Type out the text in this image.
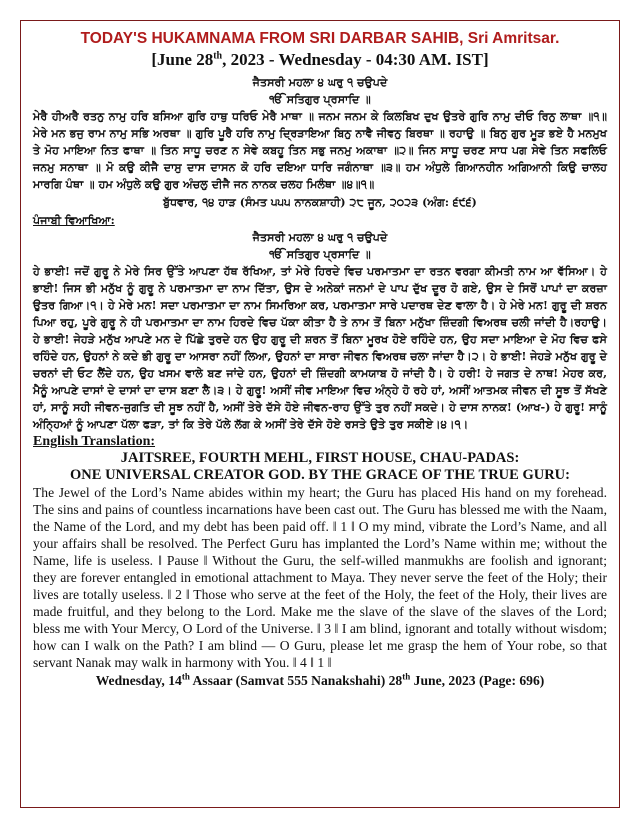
TODAY'S HUKAMNAMA FROM SRI DARBAR SAHIB, Sri Amritsar.
[June 28th, 2023 - Wednesday - 04:30 AM. IST]
ਜੈਤਸਰੀ ਮਹਲਾ ੪ ਘਰੁ ੧ ਚਉਪਦੇ
ੴ ਸਤਿਗੁਰ ਪ੍ਰਸਾਦਿ ॥
ਮੇਰੈ ਹੀਅਰੈ ਰਤਨੁ ਨਾਮੁ ਹਰਿ ਬਸਿਆ ਗੁਰਿ ਹਾਥੁ ਧਰਿਓ ਮੇਰੈ ਮਾਥਾ ॥ ਜਨਮ ਜਨਮ ਕੇ ਕਿਲਬਿਖ ਦੁਖ ਉਤਰੇ ਗੁਰਿ ਨਾਮੁ ਦੀਓ ਰਿਨੁ ਲਾਥਾ ॥੧॥ ਮੇਰੇ ਮਨ ਭਜੁ ਰਾਮ ਨਾਮੁ ਸਭਿ ਅਰਥਾ ॥ ਗੁਰਿ ਪੂਰੈ ਹਰਿ ਨਾਮੁ ਦ੍ਰਿੜਾਇਆ ਬਿਨੁ ਨਾਵੈ ਜੀਵਨੁ ਬਿਰਥਾ ॥ ਰਹਾਉ ॥ ਬਿਨੁ ਗੁਰ ਮੂੜ ਭਏ ਹੈ ਮਨਮੁਖ ਤੇ ਮੋਹ ਮਾਇਆ ਨਿਤ ਫਾਥਾ ॥ ਤਿਨ ਸਾਧੂ ਚਰਣ ਨ ਸੇਵੇ ਕਬਹੂ ਤਿਨ ਸਭੁ ਜਨਮੁ ਅਕਾਥਾ ॥੨॥ ਜਿਨ ਸਾਧੂ ਚਰਣ ਸਾਧ ਪਗ ਸੇਵੇ ਤਿਨ ਸਫਲਿਓ ਜਨਮੁ ਸਨਾਥਾ ॥ ਮੋ ਕਉ ਕੀਜੈ ਦਾਸੁ ਦਾਸ ਦਾਸਨ ਕੋ ਹਰਿ ਦਇਆ ਧਾਰਿ ਜਗੰਨਾਥਾ ॥੩॥ ਹਮ ਅੰਧੁਲੇ ਗਿਆਨਹੀਨ ਅਗਿਆਨੀ ਕਿਉ ਚਾਲਹ ਮਾਰਗਿ ਪੰਥਾ ॥ ਹਮ ਅੰਧੁਲੇ ਕਉ ਗੁਰ ਅੰਚਲੁ ਦੀਜੈ ਜਨ ਨਾਨਕ ਚਲਹ ਮਿਲੰਥਾ ॥੪॥੧॥
ਬੁੱਧਵਾਰ, ੧੪ ਹਾੜ (ਸੰਮਤ ੫੫੫ ਨਾਨਕਸ਼ਾਹੀ) ੨੮ ਜੂਨ, ੨੦੨੩ (ਅੰਗ: ੬੯੬)
ਪੰਜਾਬੀ ਵਿਆਖਿਆ:
ਜੈਤਸਰੀ ਮਹਲਾ ੪ ਘਰੁ ੧ ਚਉਪਦੇ
ੴ ਸਤਿਗੁਰ ਪ੍ਰਸਾਦਿ ॥
ਹੇ ਭਾਈ! ਜਦੋਂ ਗੁਰੂ ਨੇ ਮੇਰੇ ਸਿਰ ਉੱਤੇ ਆਪਣਾ ਹੱਥ ਰੱਖਿਆ, ਤਾਂ ਮੇਰੇ ਹਿਰਦੇ ਵਿਚ ਪਰਮਾਤਮਾ ਦਾ ਰਤਨ ਵਰਗਾ ਕੀਮਤੀ ਨਾਮ ਆ ਵੱਸਿਆ। ਹੇ ਭਾਈ! ਜਿਸ ਭੀ ਮਨੁੱਖ ਨੂੰ ਗੁਰੂ ਨੇ ਪਰਮਾਤਮਾ ਦਾ ਨਾਮ ਦਿੱਤਾ, ਉਸ ਦੇ ਅਨੇਕਾਂ ਜਨਮਾਂ ਦੇ ਪਾਪ ਦੁੱਖ ਦੂਰ ਹੋ ਗਏ, ਉਸ ਦੇ ਸਿਰੋਂ ਪਾਪਾਂ ਦਾ ਕਰਜ਼ਾ ਉਤਰ ਗਿਆ।੧। ਹੇ ਮੇਰੇ ਮਨ! ਸਦਾ ਪਰਮਾਤਮਾ ਦਾ ਨਾਮ ਸਿਮਰਿਆ ਕਰ, ਪਰਮਾਤਮਾ ਸਾਰੇ ਪਦਾਰਥ ਦੇਣ ਵਾਲਾ ਹੈ। ਹੇ ਮੇਰੇ ਮਨ! ਗੁਰੂ ਦੀ ਸ਼ਰਨ ਪਿਆ ਰਹੁ, ਪੂਰੇ ਗੁਰੂ ਨੇ ਹੀ ਪਰਮਾਤਮਾ ਦਾ ਨਾਮ ਹਿਰਦੇ ਵਿਚ ਪੱਕਾ ਕੀਤਾ ਹੈ ਤੇ ਨਾਮ ਤੋਂ ਬਿਨਾ ਮਨੁੱਖਾ ਜ਼ਿੰਦਗੀ ਵਿਅਰਥ ਚਲੀ ਜਾਂਦੀ ਹੈ।ਰਹਾਉ। ਹੇ ਭਾਈ! ਜੇਹੜੇ ਮਨੁੱਖ ਆਪਣੇ ਮਨ ਦੇ ਪਿੱਛੇ ਤੁਰਦੇ ਹਨ ਉਹ ਗੁਰੂ ਦੀ ਸ਼ਰਨ ਤੋਂ ਬਿਨਾ ਮੂਰਖ ਹੋਏ ਰਹਿੰਦੇ ਹਨ, ਉਹ ਸਦਾ ਮਾਇਆ ਦੇ ਮੋਹ ਵਿਚ ਫਸੇ ਰਹਿੰਦੇ ਹਨ, ਉਹਨਾਂ ਨੇ ਕਦੇ ਭੀ ਗੁਰੂ ਦਾ ਆਸਰਾ ਨਹੀਂ ਲਿਆ, ਉਹਨਾਂ ਦਾ ਸਾਰਾ ਜੀਵਨ ਵਿਅਰਥ ਚਲਾ ਜਾਂਦਾ ਹੈ।੨। ਹੇ ਭਾਈ! ਜੇਹੜੇ ਮਨੁੱਖ ਗੁਰੂ ਦੇ ਚਰਨਾਂ ਦੀ ਓਟ ਲੈਂਦੇ ਹਨ, ਉਹ ਖਸਮ ਵਾਲੇ ਬਣ ਜਾਂਦੇ ਹਨ, ਉਹਨਾਂ ਦੀ ਜ਼ਿੰਦਗੀ ਕਾਮਯਾਬ ਹੋ ਜਾਂਦੀ ਹੈ। ਹੇ ਹਰੀ! ਹੇ ਜਗਤ ਦੇ ਨਾਥ! ਮੇਹਰ ਕਰ, ਮੈਨੂੰ ਆਪਣੇ ਦਾਸਾਂ ਦੇ ਦਾਸਾਂ ਦਾ ਦਾਸ ਬਣਾ ਲੈ।੩। ਹੇ ਗੁਰੂ! ਅਸੀਂ ਜੀਵ ਮਾਇਆ ਵਿਚ ਅੰਨ੍ਹੇ ਹੋ ਰਹੇ ਹਾਂ, ਅਸੀਂ ਆਤਮਕ ਜੀਵਨ ਦੀ ਸੂਝ ਤੋਂ ਸੱਖਣੇ ਹਾਂ, ਸਾਨੂੰ ਸਹੀ ਜੀਵਨ-ਜੁਗਤਿ ਦੀ ਸੂਝ ਨਹੀਂ ਹੈ, ਅਸੀਂ ਤੇਰੇ ਦੱਸੇ ਹੋਏ ਜੀਵਨ-ਰਾਹ ਉੱਤੇ ਤੁਰ ਨਹੀਂ ਸਕਦੇ। ਹੇ ਦਾਸ ਨਾਨਕ! (ਆਖ-) ਹੇ ਗੁਰੂ! ਸਾਨੂੰ ਅੰਨ੍ਹਿਆਂ ਨੂੰ ਆਪਣਾ ਪੱਲਾ ਫੜਾ, ਤਾਂ ਕਿ ਤੇਰੇ ਪੱਲੇ ਲੱਗ ਕੇ ਅਸੀਂ ਤੇਰੇ ਦੱਸੇ ਹੋਏ ਰਸਤੇ ਉਤੇ ਤੁਰ ਸਕੀਏ।੪।੧।
English Translation:
JAITSREE, FOURTH MEHL, FIRST HOUSE, CHAU-PADAS:
ONE UNIVERSAL CREATOR GOD. BY THE GRACE OF THE TRUE GURU:
The Jewel of the Lord’s Name abides within my heart; the Guru has placed His hand on my forehead. The sins and pains of countless incarnations have been cast out. The Guru has blessed me with the Naam, the Name of the Lord, and my debt has been paid off. ‖ 1 ‖ O my mind, vibrate the Lord’s Name, and all your affairs shall be resolved. The Perfect Guru has implanted the Lord’s Name within me; without the Name, life is useless. ‖ Pause ‖ Without the Guru, the self-willed manmukhs are foolish and ignorant; they are forever entangled in emotional attachment to Maya. They never serve the feet of the Holy; their lives are totally useless. ‖ 2 ‖ Those who serve at the feet of the Holy, the feet of the Holy, their lives are made fruitful, and they belong to the Lord. Make me the slave of the slave of the slaves of the Lord; bless me with Your Mercy, O Lord of the Universe. ‖ 3 ‖ I am blind, ignorant and totally without wisdom; how can I walk on the Path? I am blind — O Guru, please let me grasp the hem of Your robe, so that servant Nanak may walk in harmony with You. ‖ 4 ‖ 1 ‖
Wednesday, 14th Assaar (Samvat 555 Nanakshahi) 28th June, 2023 (Page: 696)
